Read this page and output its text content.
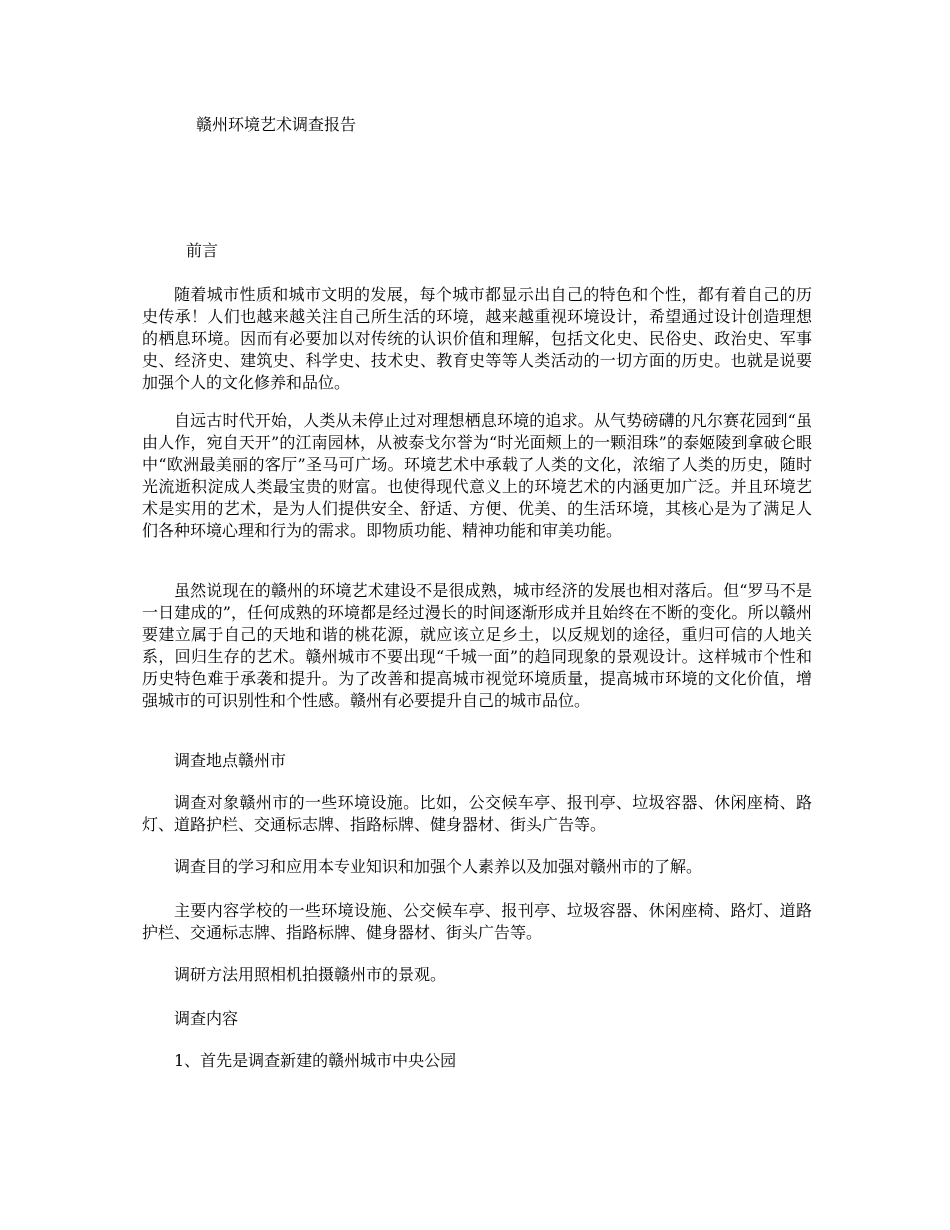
赣州环境艺术调查报告
前言

随着城市性质和城市文明的发展，每个城市都显示出自己的特色和个性，都有着自己的历史传承！人们也越来越关注自己所生活的环境，越来越重视环境设计，希望通过设计创造理想的栖息环境。因而有必要加以对传统的认识价值和理解，包括文化史、民俗史、政治史、军事史、经济史、建筑史、科学史、技术史、教育史等等人类活动的一切方面的历史。也就是说要加强个人的文化修养和品位。

自远古时代开始，人类从未停止过对理想栖息环境的追求。从气势磅礴的凡尔赛花园到“虽由人作，宛自天开”的江南园林，从被泰戈尔誉为“时光面颊上的一颗泪珠”的泰姬陵到拿破仑眼中“欧洲最美丽的客厅”圣马可广场。环境艺术中承载了人类的文化，浓缩了人类的历史，随时光流逝积淀成人类最宝贵的财富。也使得现代意义上的环境艺术的内涵更加广泛。并且环境艺术是实用的艺术，是为人们提供安全、舒适、方便、优美、的生活环境，其核心是为了满足人们各种环境心理和行为的需求。即物质功能、精神功能和审美功能。

虽然说现在的赣州的环境艺术建设不是很成熟，城市经济的发展也相对落后。但“罗马不是一日建成的”，任何成熟的环境都是经过漫长的时间逐渐形成并且始终在不断的变化。所以赣州要建立属于自己的天地和谐的桃花源，就应该立足乡土，以反规划的途径，重归可信的人地关系，回归生存的艺术。赣州城市不要出现“千城一面”的趋同现象的景观设计。这样城市个性和历史特色难于承袭和提升。为了改善和提高城市视觉环境质量，提高城市环境的文化价值，增强城市的可识别性和个性感。赣州有必要提升自己的城市品位。

调查地点赣州市

调查对象赣州市的一些环境设施。比如，公交候车亭、报刊亭、垃圾容器、休闲座椅、路灯、道路护栏、交通标志牌、指路标牌、健身器材、街头广告等。

调查目的学习和应用本专业知识和加强个人素养以及加强对赣州市的了解。

主要内容学校的一些环境设施、公交候车亭、报刊亭、垃圾容器、休闲座椅、路灯、道路护栏、交通标志牌、指路标牌、健身器材、街头广告等。

调研方法用照相机拍摄赣州市的景观。

调查内容

1、首先是调查新建的赣州城市中央公园
